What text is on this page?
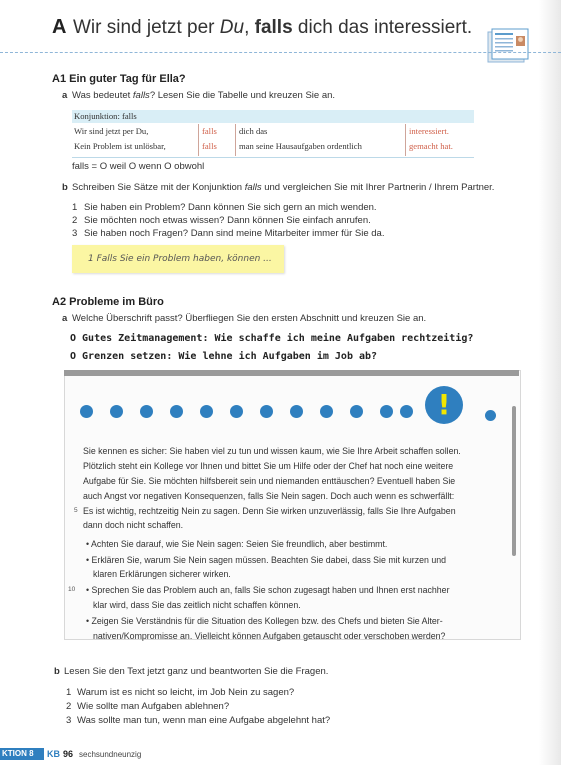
A Wir sind jetzt per Du, falls dich das interessiert.
A1 Ein guter Tag für Ella?
a Was bedeutet falls? Lesen Sie die Tabelle und kreuzen Sie an.
Konjunktion: falls
Wir sind jetzt per Du,	falls	dich das	interessiert.
Kein Problem ist unlösbar,	falls	man seine Hausaufgaben ordentlich	gemacht hat.
falls = O weil O wenn O obwohl
b Schreiben Sie Sätze mit der Konjunktion falls und vergleichen Sie mit Ihrer Partnerin / Ihrem Partner.
1 Sie haben ein Problem? Dann können Sie sich gern an mich wenden.
2 Sie möchten noch etwas wissen? Dann können Sie einfach anrufen.
3 Sie haben noch Fragen? Dann sind meine Mitarbeiter immer für Sie da.
1 Falls Sie ein Problem haben, können ...
A2 Probleme im Büro
a Welche Überschrift passt? Überfliegen Sie den ersten Abschnitt und kreuzen Sie an.
O Gutes Zeitmanagement: Wie schaffe ich meine Aufgaben rechtzeitig?
O Grenzen setzen: Wie lehne ich Aufgaben im Job ab?
!
Sie kennen es sicher: Sie haben viel zu tun und wissen kaum, wie Sie Ihre Arbeit schaffen sollen.
Plötzlich steht ein Kollege vor Ihnen und bittet Sie um Hilfe oder der Chef hat noch eine weitere
Aufgabe für Sie. Sie möchten hilfsbereit sein und niemanden enttäuschen? Eventuell haben Sie
auch Angst vor negativen Konsequenzen, falls Sie Nein sagen. Doch auch wenn es schwerfällt:
5 Es ist wichtig, rechtzeitig Nein zu sagen. Denn Sie wirken unzuverlässig, falls Sie Ihre Aufgaben
dann doch nicht schaffen.
• Achten Sie darauf, wie Sie Nein sagen: Seien Sie freundlich, aber bestimmt.
• Erklären Sie, warum Sie Nein sagen müssen. Beachten Sie dabei, dass Sie mit kurzen und
klaren Erklärungen sicherer wirken.
10 • Sprechen Sie das Problem auch an, falls Sie schon zugesagt haben und Ihnen erst nachher
klar wird, dass Sie das zeitlich nicht schaffen können.
• Zeigen Sie Verständnis für die Situation des Kollegen bzw. des Chefs und bieten Sie Alter-
nativen/Kompromisse an. Vielleicht können Aufgaben getauscht oder verschoben werden?
b Lesen Sie den Text jetzt ganz und beantworten Sie die Fragen.
1 Warum ist es nicht so leicht, im Job Nein zu sagen?
2 Wie sollte man Aufgaben ablehnen?
3 Was sollte man tun, wenn man eine Aufgabe abgelehnt hat?
KTION 8 KB 96 sechsundneunzig
